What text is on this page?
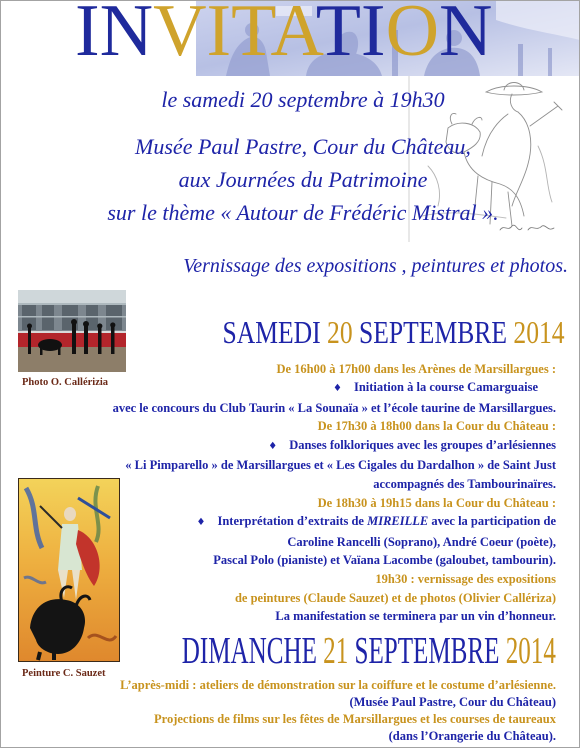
INVITATION
le samedi 20 septembre à 19h30
Musée Paul Pastre, Cour du Château,
aux Journées du Patrimoine
sur le thème « Autour de Frédéric Mistral ».
Vernissage des expositions , peintures et photos.
Photo O. Callérizia
SAMEDI 20 SEPTEMBRE 2014
De 16h00 à 17h00 dans les Arènes de Marsillargues :
♦ Initiation à la course Camarguaise
avec le concours du Club Taurin « La Sounaïa » et l’école taurine de Marsillargues.
De 17h30 à 18h00 dans la Cour du Château :
♦ Danses folkloriques avec les groupes d’arlésiennes
« Li Pimparello » de Marsillargues et « Les Cigales du Dardalhon » de Saint Just
accompagnés des Tambourinaïres.
De 18h30 à 19h15 dans la Cour du Château :
♦ Interprétation d’extraits de MIREILLE avec la participation de
Caroline Rancelli (Soprano), André Coeur (poète),
Pascal Polo (pianiste) et Vaïana Lacombe (galoubet, tambourin).
19h30 : vernissage des expositions
de peintures (Claude Sauzet) et de photos (Olivier Callériza)
La manifestation se terminera par un vin d’honneur.
Peinture C. Sauzet
DIMANCHE 21 SEPTEMBRE 2014
L’après-midi : ateliers de démonstration sur la coiffure et le costume d’arlésienne.
(Musée Paul Pastre, Cour du Château)
Projections de films sur les fêtes de Marsillargues et les courses de taureaux
(dans l’Orangerie du Château).
